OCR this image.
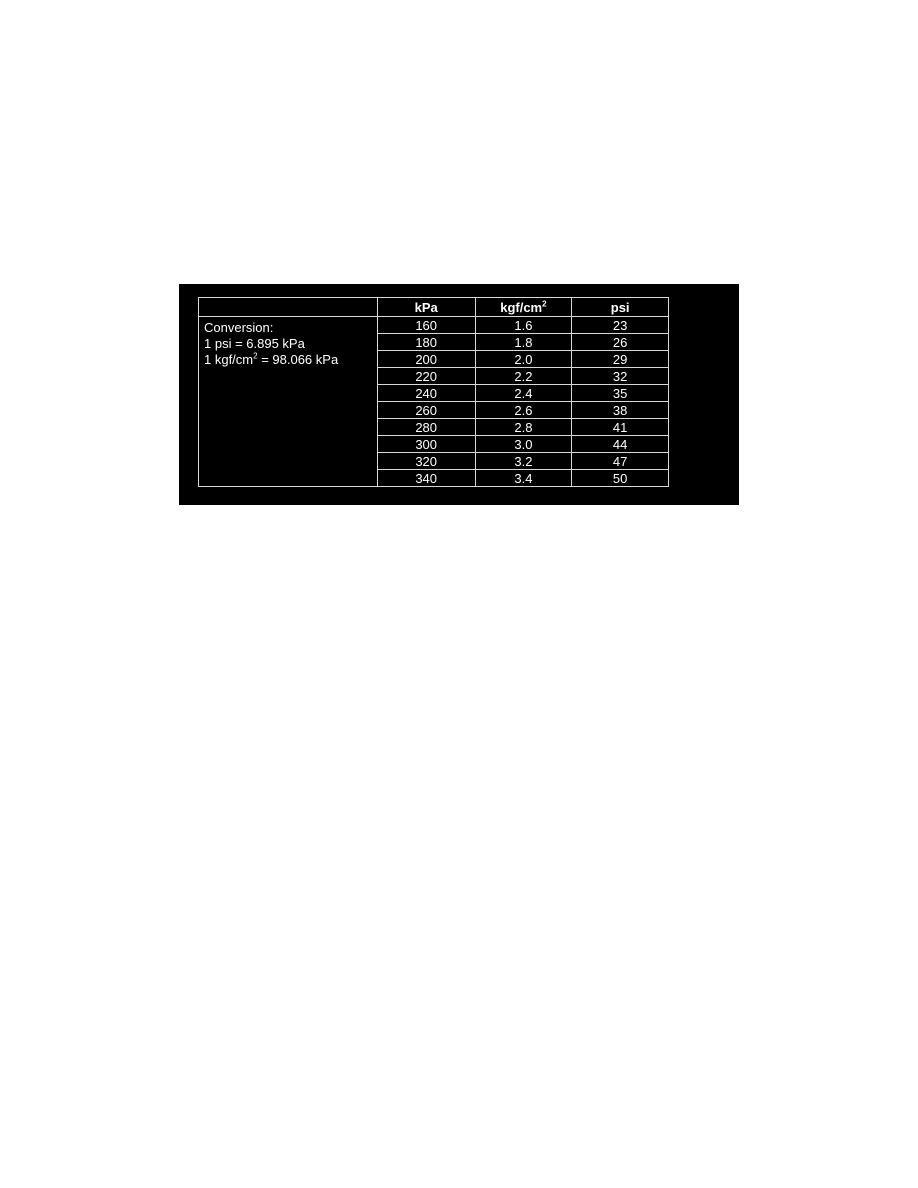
	kPa	kgf/$cm^2$	psi

Conversion:
1 psi = 6.895 kPa
1 kgf/$cm^2 = 98.066$ kPa	160	1.6	23
	180	1.8	26
	200	2.0	29
	220	2.2	32
	240	2.4	35
	260	2.6	38
	280	2.8	41
	300	3.0	44
	320	3.2	47
	340	3.4	50
